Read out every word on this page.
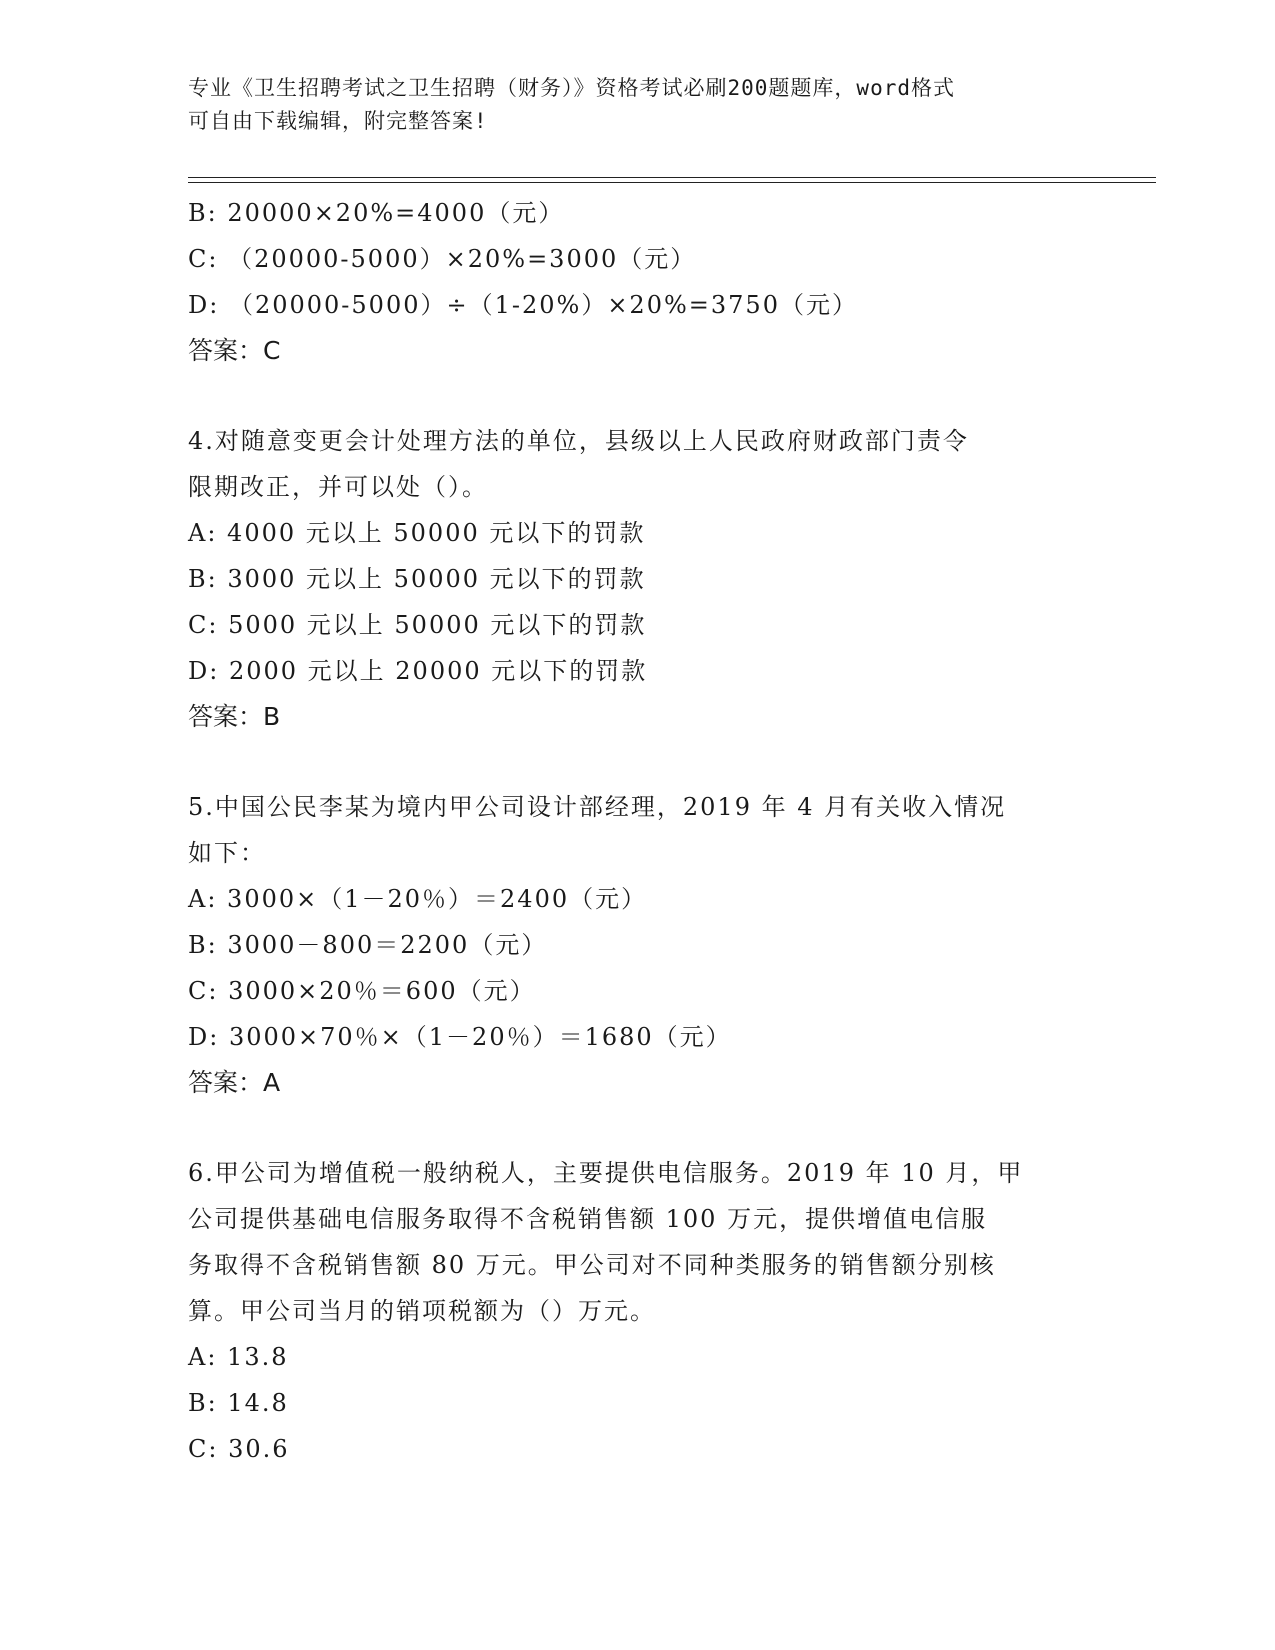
专业《卫生招聘考试之卫生招聘（财务）》资格考试必刷200题题库，word格式
可自由下载编辑，附完整答案!
B: 20000×20%=4000（元）
C: （20000-5000）×20%=3000（元）
D: （20000-5000）÷（1-20%）×20%=3750（元）
答案：C
4.对随意变更会计处理方法的单位，县级以上人民政府财政部门责令
限期改正，并可以处（）。
A: 4000 元以上 50000 元以下的罚款
B: 3000 元以上 50000 元以下的罚款
C: 5000 元以上 50000 元以下的罚款
D: 2000 元以上 20000 元以下的罚款
答案：B
5.中国公民李某为境内甲公司设计部经理，2019 年 4 月有关收入情况
如下：
A: 3000×（1－20％）＝2400（元）
B: 3000－800＝2200（元）
C: 3000×20％＝600（元）
D: 3000×70％×（1－20％）＝1680（元）
答案：A
6.甲公司为增值税一般纳税人，主要提供电信服务。2019 年 10 月，甲
公司提供基础电信服务取得不含税销售额 100 万元，提供增值电信服
务取得不含税销售额 80 万元。甲公司对不同种类服务的销售额分别核
算。甲公司当月的销项税额为（）万元。
A: 13.8
B: 14.8
C: 30.6
